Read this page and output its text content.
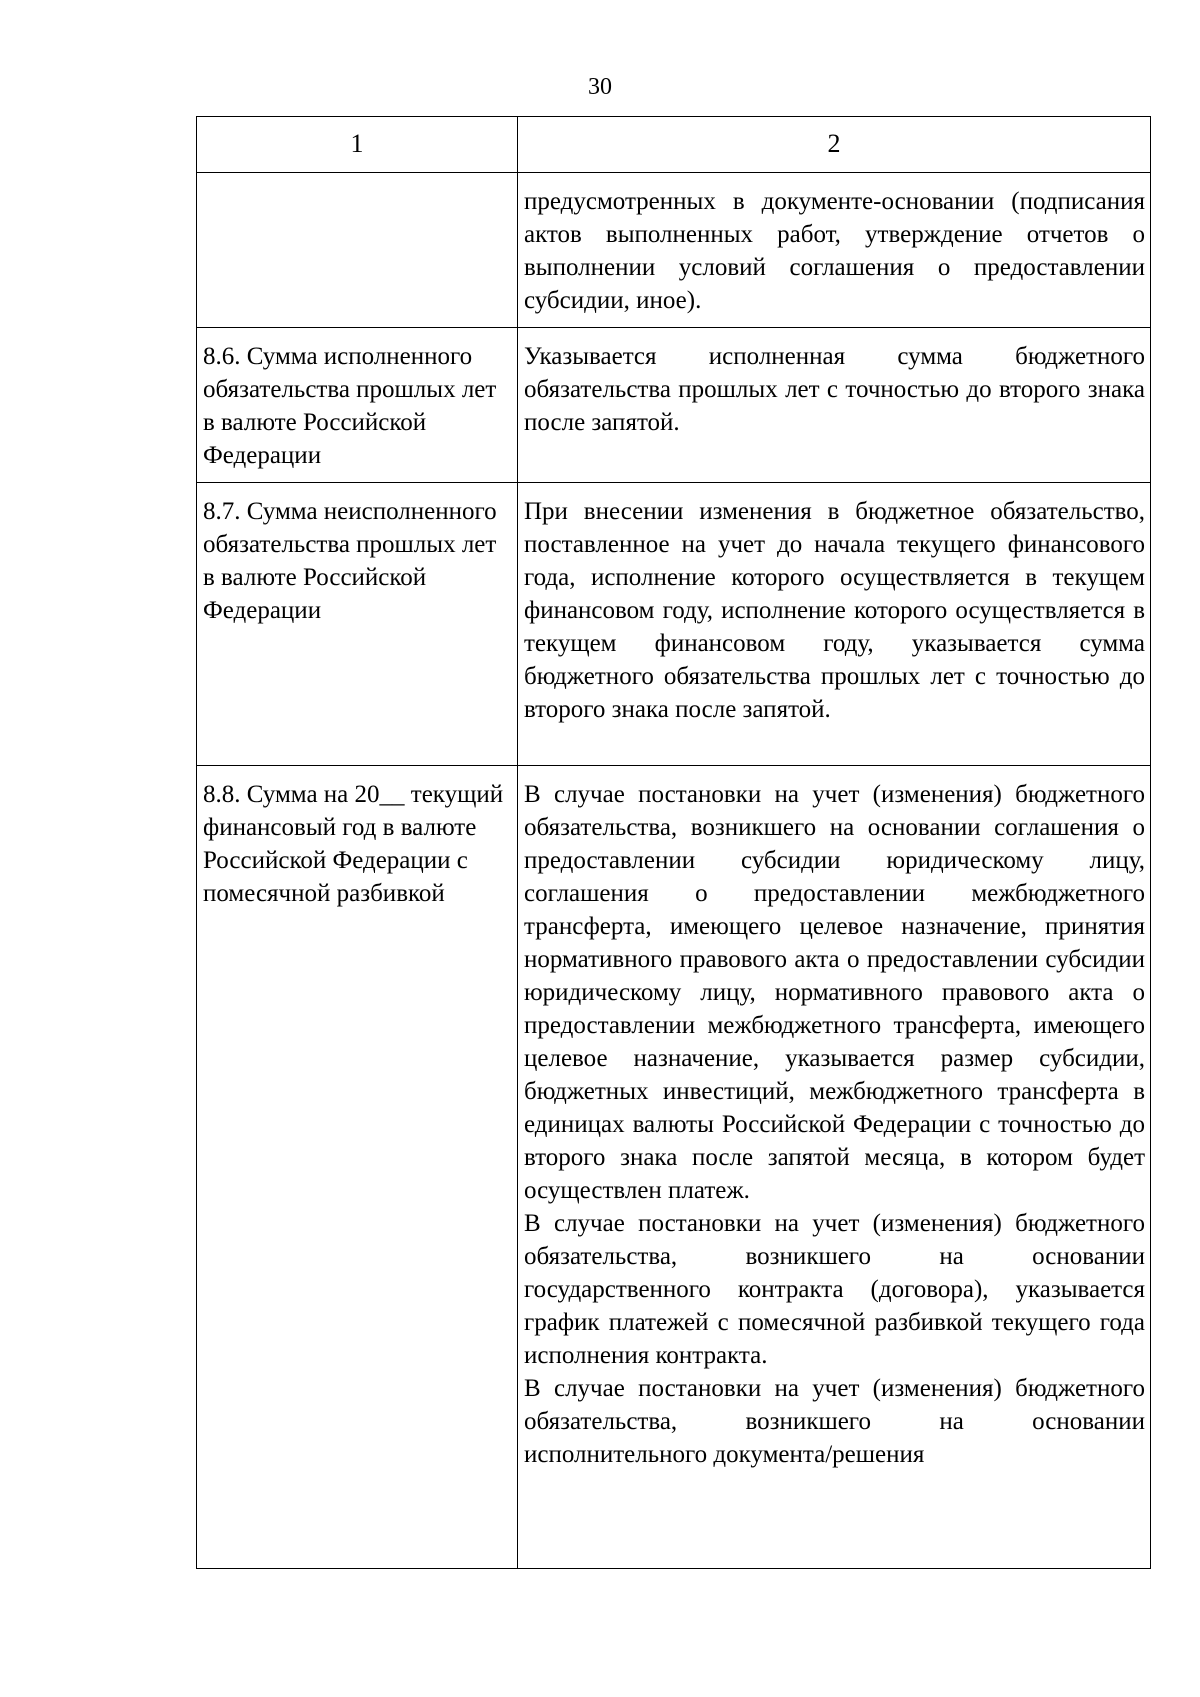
30
1	2

	предусмотренных в документе-основании (подписания актов выполненных работ, утверждение отчетов о выполнении условий соглашения о предоставлении субсидии, иное).

8.6. Сумма исполненного обязательства прошлых лет в валюте Российской Федерации	Указывается исполненная сумма бюджетного обязательства прошлых лет с точностью до второго знака после запятой.

8.7. Сумма неисполненного обязательства прошлых лет в валюте Российской Федерации	При внесении изменения в бюджетное обязательство, поставленное на учет до начала текущего финансового года, исполнение которого осуществляется в текущем финансовом году, исполнение которого осуществляется в текущем финансовом году, указывается сумма бюджетного обязательства прошлых лет с точностью до второго знака после запятой.

8.8. Сумма на 20__ текущий финансовый год в валюте Российской Федерации с помесячной разбивкой	В случае постановки на учет (изменения) бюджетного обязательства, возникшего на основании соглашения о предоставлении субсидии юридическому лицу, соглашения о предоставлении межбюджетного трансферта, имеющего целевое назначение, принятия нормативного правового акта о предоставлении субсидии юридическому лицу, нормативного правового акта о предоставлении межбюджетного трансферта, имеющего целевое назначение, указывается размер субсидии, бюджетных инвестиций, межбюджетного трансферта в единицах валюты Российской Федерации с точностью до второго знака после запятой месяца, в котором будет осуществлен платеж.
В случае постановки на учет (изменения) бюджетного обязательства, возникшего на основании государственного контракта (договора), указывается график платежей с помесячной разбивкой текущего года исполнения контракта.
В случае постановки на учет (изменения) бюджетного обязательства, возникшего на основании исполнительного документа/решения
